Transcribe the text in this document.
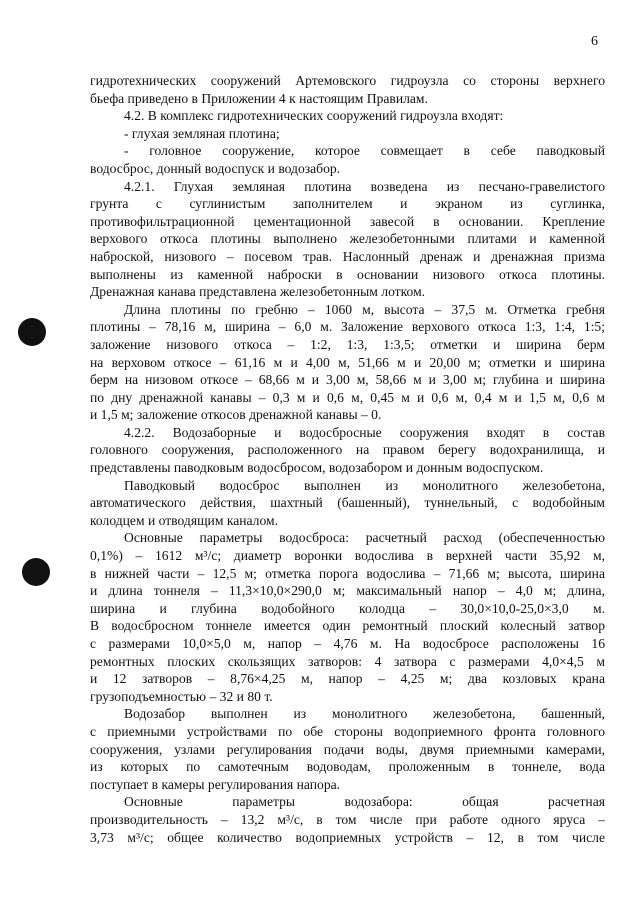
6
гидротехнических сооружений Артемовского гидроузла со стороны верхнего
бьефа приведено в Приложении 4 к настоящим Правилам.
4.2. В комплекс гидротехнических сооружений гидроузла входят:
- глухая земляная плотина;
- головное сооружение, которое совмещает в себе паводковый
водосброс, донный водоспуск и водозабор.
4.2.1. Глухая земляная плотина возведена из песчано-гравелистого
грунта с суглинистым заполнителем и экраном из суглинка,
противофильтрационной цементационной завесой в основании. Крепление
верхового откоса плотины выполнено железобетонными плитами и каменной
наброской, низового – посевом трав. Наслонный дренаж и дренажная призма
выполнены из каменной наброски в основании низового откоса плотины.
Дренажная канава представлена железобетонным лотком.
Длина плотины по гребню – 1060 м, высота – 37,5 м. Отметка гребня
плотины – 78,16 м, ширина – 6,0 м. Заложение верхового откоса 1:3, 1:4, 1:5;
заложение низового откоса – 1:2, 1:3, 1:3,5; отметки и ширина берм
на верховом откосе – 61,16 м и 4,00 м, 51,66 м и 20,00 м; отметки и ширина
берм на низовом откосе – 68,66 м и 3,00 м, 58,66 м и 3,00 м; глубина и ширина
по дну дренажной канавы – 0,3 м и 0,6 м, 0,45 м и 0,6 м, 0,4 м и 1,5 м, 0,6 м
и 1,5 м; заложение откосов дренажной канавы – 0.
4.2.2. Водозаборные и водосбросные сооружения входят в состав
головного сооружения, расположенного на правом берегу водохранилища, и
представлены паводковым водосбросом, водозабором и донным водоспуском.
Паводковый водосброс выполнен из монолитного железобетона,
автоматического действия, шахтный (башенный), туннельный, с водобойным
колодцем и отводящим каналом.
Основные параметры водосброса: расчетный расход (обеспеченностью
0,1%) – 1612 м³/с; диаметр воронки водослива в верхней части 35,92 м,
в нижней части – 12,5 м; отметка порога водослива – 71,66 м; высота, ширина
и длина тоннеля – 11,3×10,0×290,0 м; максимальный напор – 4,0 м; длина,
ширина и глубина водобойного колодца – 30,0×10,0-25,0×3,0 м.
В водосбросном тоннеле имеется один ремонтный плоский колесный затвор
с размерами 10,0×5,0 м, напор – 4,76 м. На водосбросе расположены 16
ремонтных плоских скользящих затворов: 4 затвора с размерами 4,0×4,5 м
и 12 затворов – 8,76×4,25 м, напор – 4,25 м; два козловых крана
грузоподъемностью – 32 и 80 т.
Водозабор выполнен из монолитного железобетона, башенный,
с приемными устройствами по обе стороны водоприемного фронта головного
сооружения, узлами регулирования подачи воды, двумя приемными камерами,
из которых по самотечным водоводам, проложенным в тоннеле, вода
поступает в камеры регулирования напора.
Основные параметры водозабора: общая расчетная
производительность – 13,2 м³/с, в том числе при работе одного яруса –
3,73 м³/с; общее количество водоприемных устройств – 12, в том числе
